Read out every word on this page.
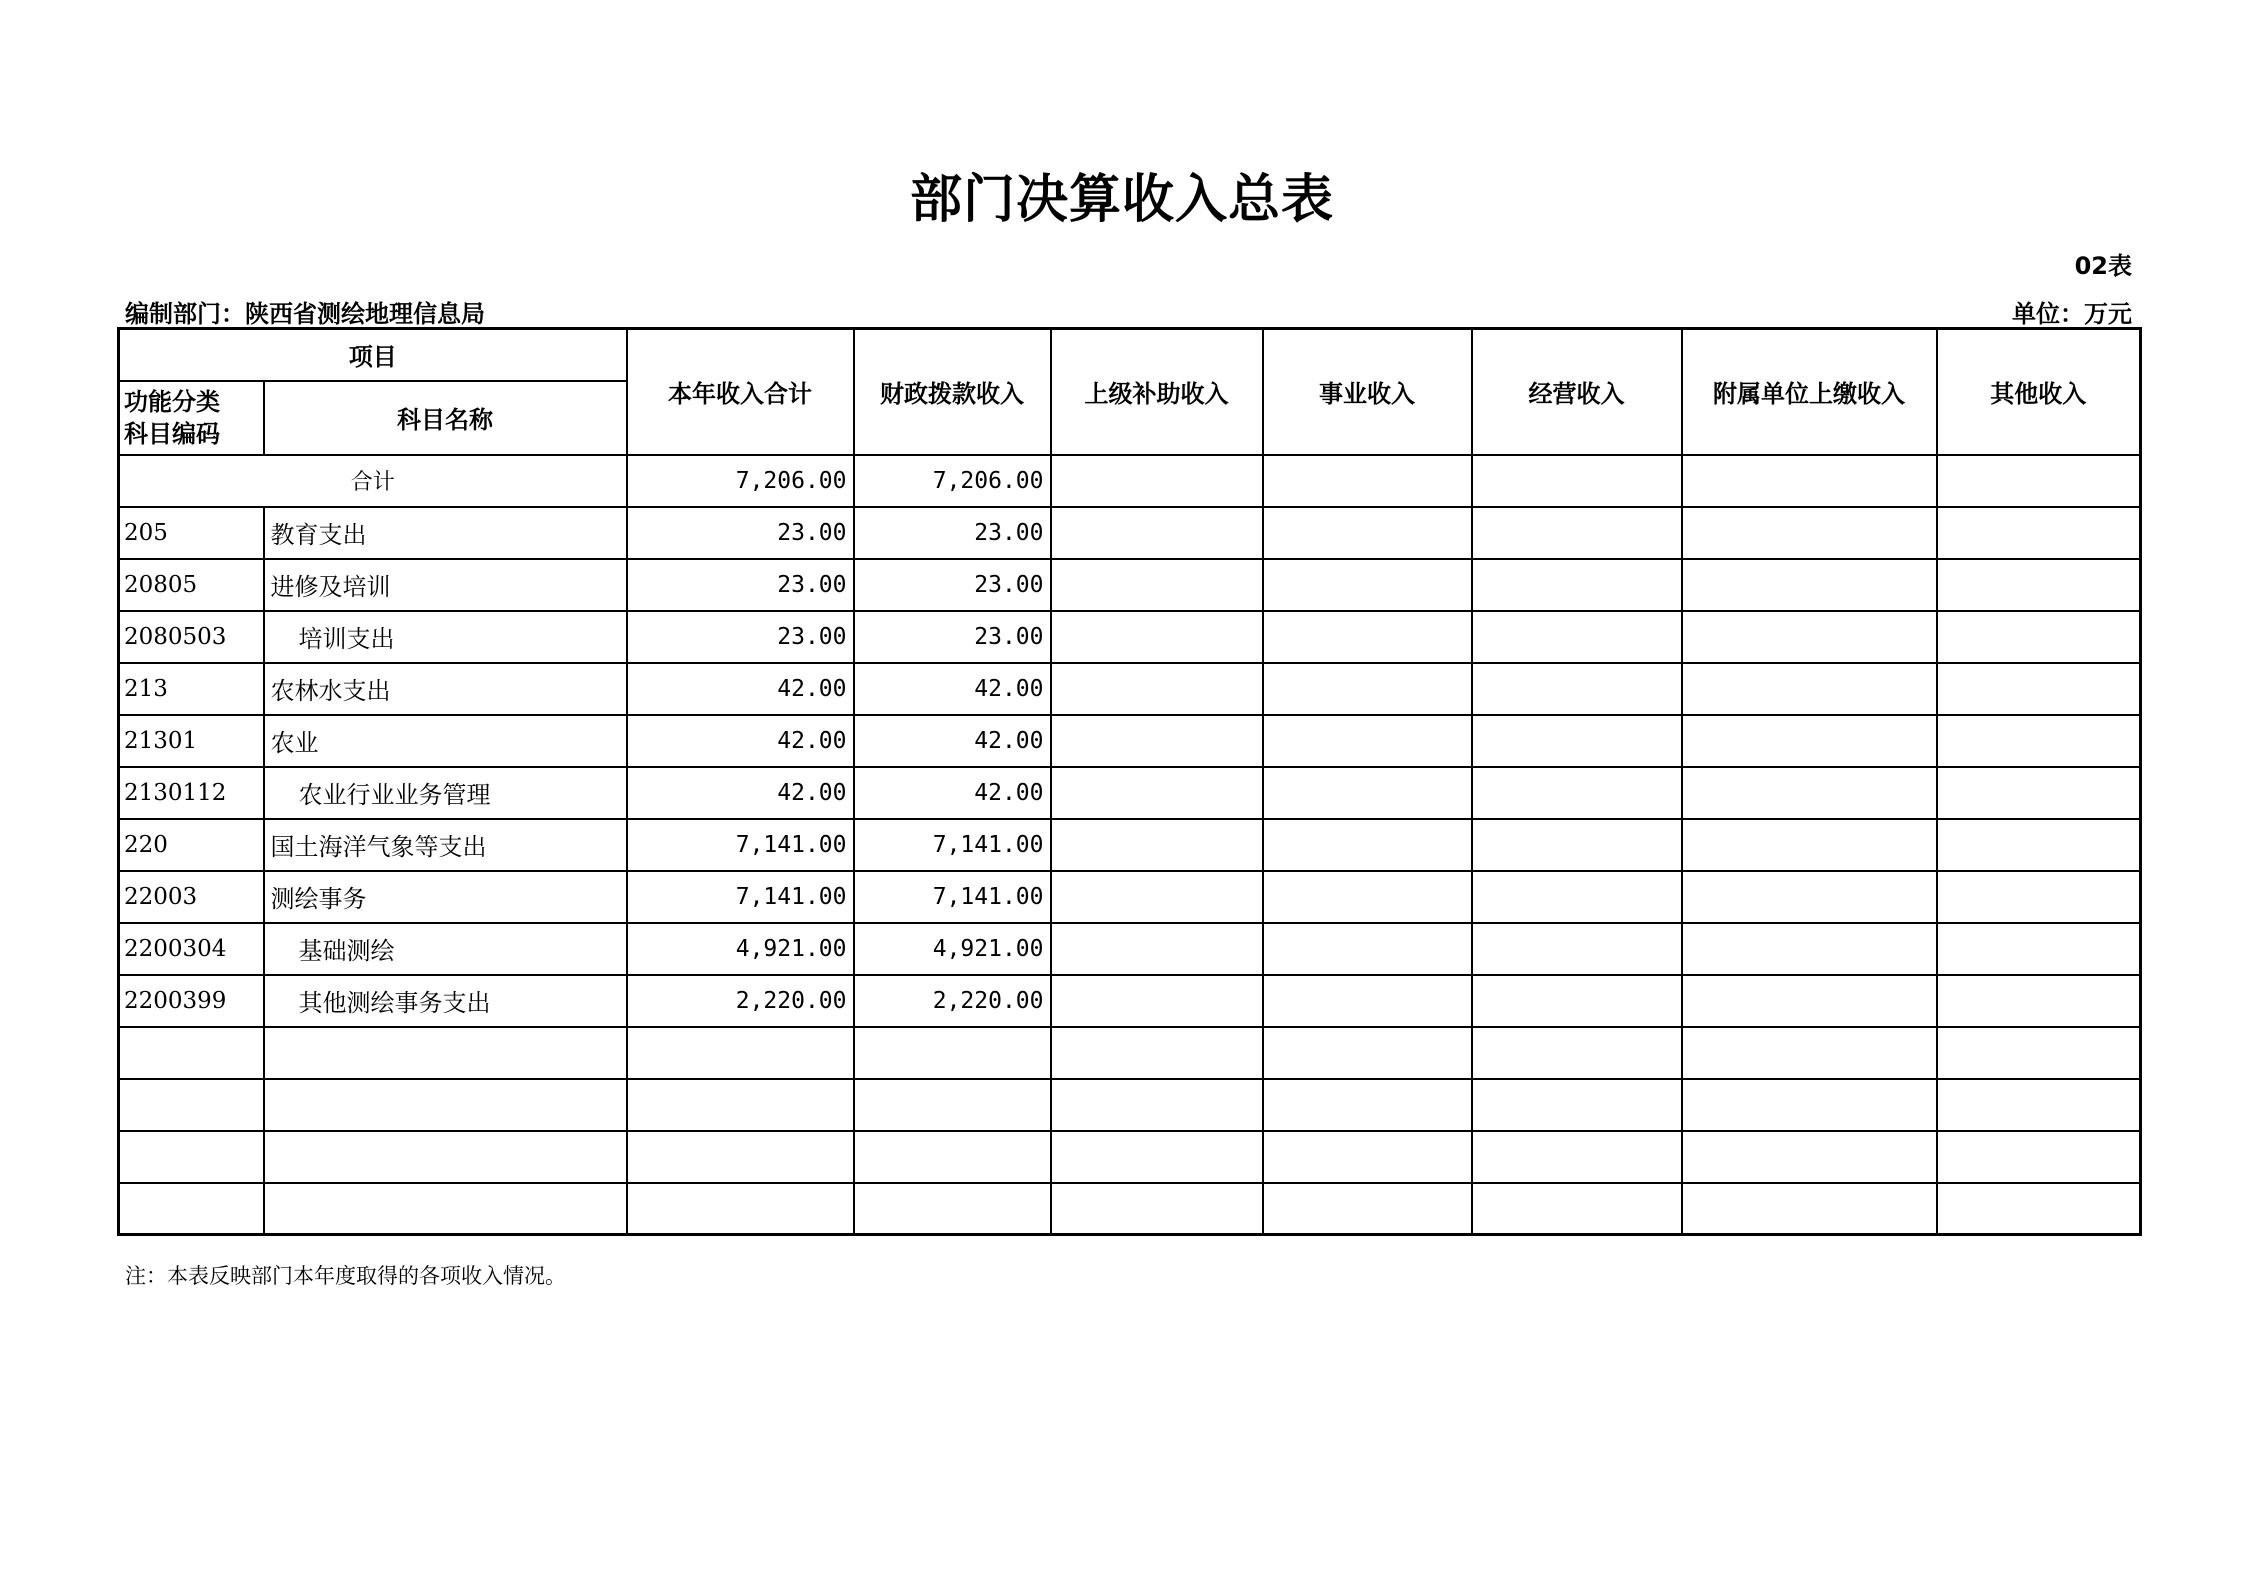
部门决算收入总表
02表
编制部门：陕西省测绘地理信息局	单位：万元
项目		本年收入合计	财政拨款收入	上级补助收入	事业收入	经营收入	附属单位上缴收入	其他收入
功能分类
科目编码	科目名称							
合计		7,206.00	7,206.00					
205	教育支出	23.00	23.00					
20805	进修及培训	23.00	23.00					
2080503	培训支出	23.00	23.00					
213	农林水支出	42.00	42.00					
21301	农业	42.00	42.00					
2130112	农业行业业务管理	42.00	42.00					
220	国土海洋气象等支出	7,141.00	7,141.00					
22003	测绘事务	7,141.00	7,141.00					
2200304	基础测绘	4,921.00	4,921.00					
2200399	其他测绘事务支出	2,220.00	2,220.00					

注：本表反映部门本年度取得的各项收入情况。
